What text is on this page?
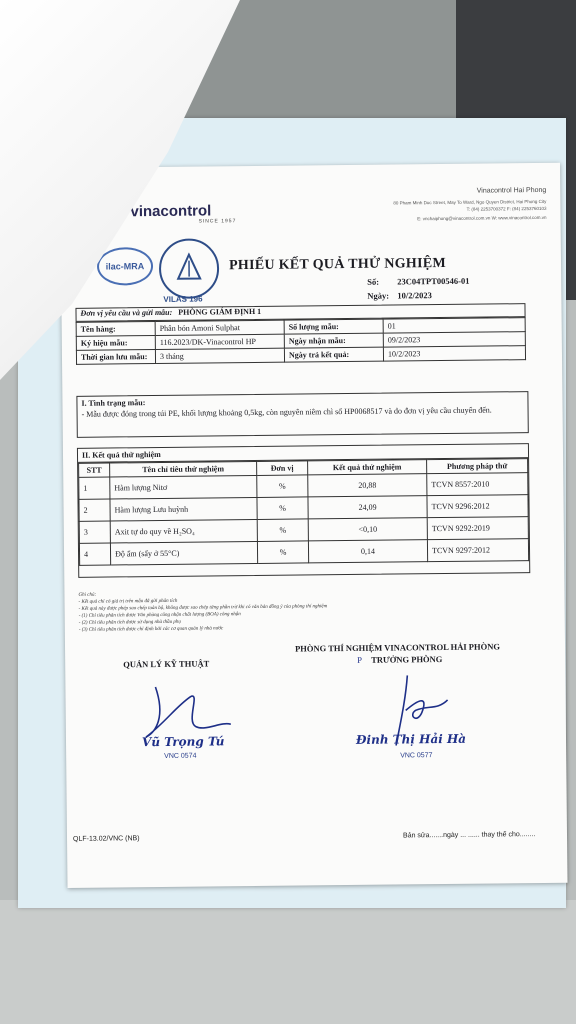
vinacontrol
SINCE 1957
Vinacontrol Hai Phong
80 Pham Minh Duc Street, May To Ward, Ngo Quyen District, Hai Phong City
T: (84) 2253700372 F: (84) 2253760103
E: vnchaiphong@vinacontrol.com.vn W: www.vinacontrol.com.vn
ilac-MRA
VILAS 196
PHIẾU KẾT QUẢ THỬ NGHIỆM
Số: 23C04TPT00546-01
Ngày: 10/2/2023
Đơn vị yêu cầu và gửi mẫu: PHÒNG GIÁM ĐỊNH 1
Tên hàng:	Phân bón Amoni Sulphat	Số lượng mẫu:	01
Ký hiệu mẫu:	116.2023/DK-Vinacontrol HP	Ngày nhận mẫu:	09/2/2023
Thời gian lưu mẫu:	3 tháng	Ngày trả kết quả:	10/2/2023
I. Tình trạng mẫu:
- Mẫu được đóng trong túi PE, khối lượng khoảng 0,5kg, còn nguyên niêm chì số HP0068517 và do đơn vị yêu cầu chuyển đến.
II. Kết quả thử nghiệm
STT	Tên chỉ tiêu thử nghiệm	Đơn vị	Kết quả thử nghiệm	Phương pháp thử
1	Hàm lượng Nitơ	%	20,88	TCVN 8557:2010
2	Hàm lượng Lưu huỳnh	%	24,09	TCVN 9296:2012
3	Axit tự do quy về H₂SO₄	%	<0,10	TCVN 9292:2019
4	Độ ẩm (sấy ở 55°C)	%	0,14	TCVN 9297:2012
Ghi chú:
- Kết quả chỉ có giá trị trên mẫu đã gửi phân tích
- Kết quả này được phép sao chép toàn bộ, không được sao chép từng phần trừ khi có văn bản đồng ý của phòng thí nghiệm
- (1) Chỉ tiêu phân tích được Văn phòng công nhận chất lượng (BOA) công nhận
- (2) Chỉ tiêu phân tích được sử dụng nhà thầu phụ
- (3) Chỉ tiêu phân tích được chỉ định bởi các cơ quan quản lý nhà nước
PHÒNG THÍ NGHIỆM VINACONTROL HẢI PHÒNG
QUẢN LÝ KỸ THUẬT	P TRƯỞNG PHÒNG
Vũ Trọng Tú
VNC 0574
Đinh Thị Hải Hà
VNC 0577
QLF-13.02/VNC (NB)	Bản sửa.......ngày ... ...... thay thế cho........
